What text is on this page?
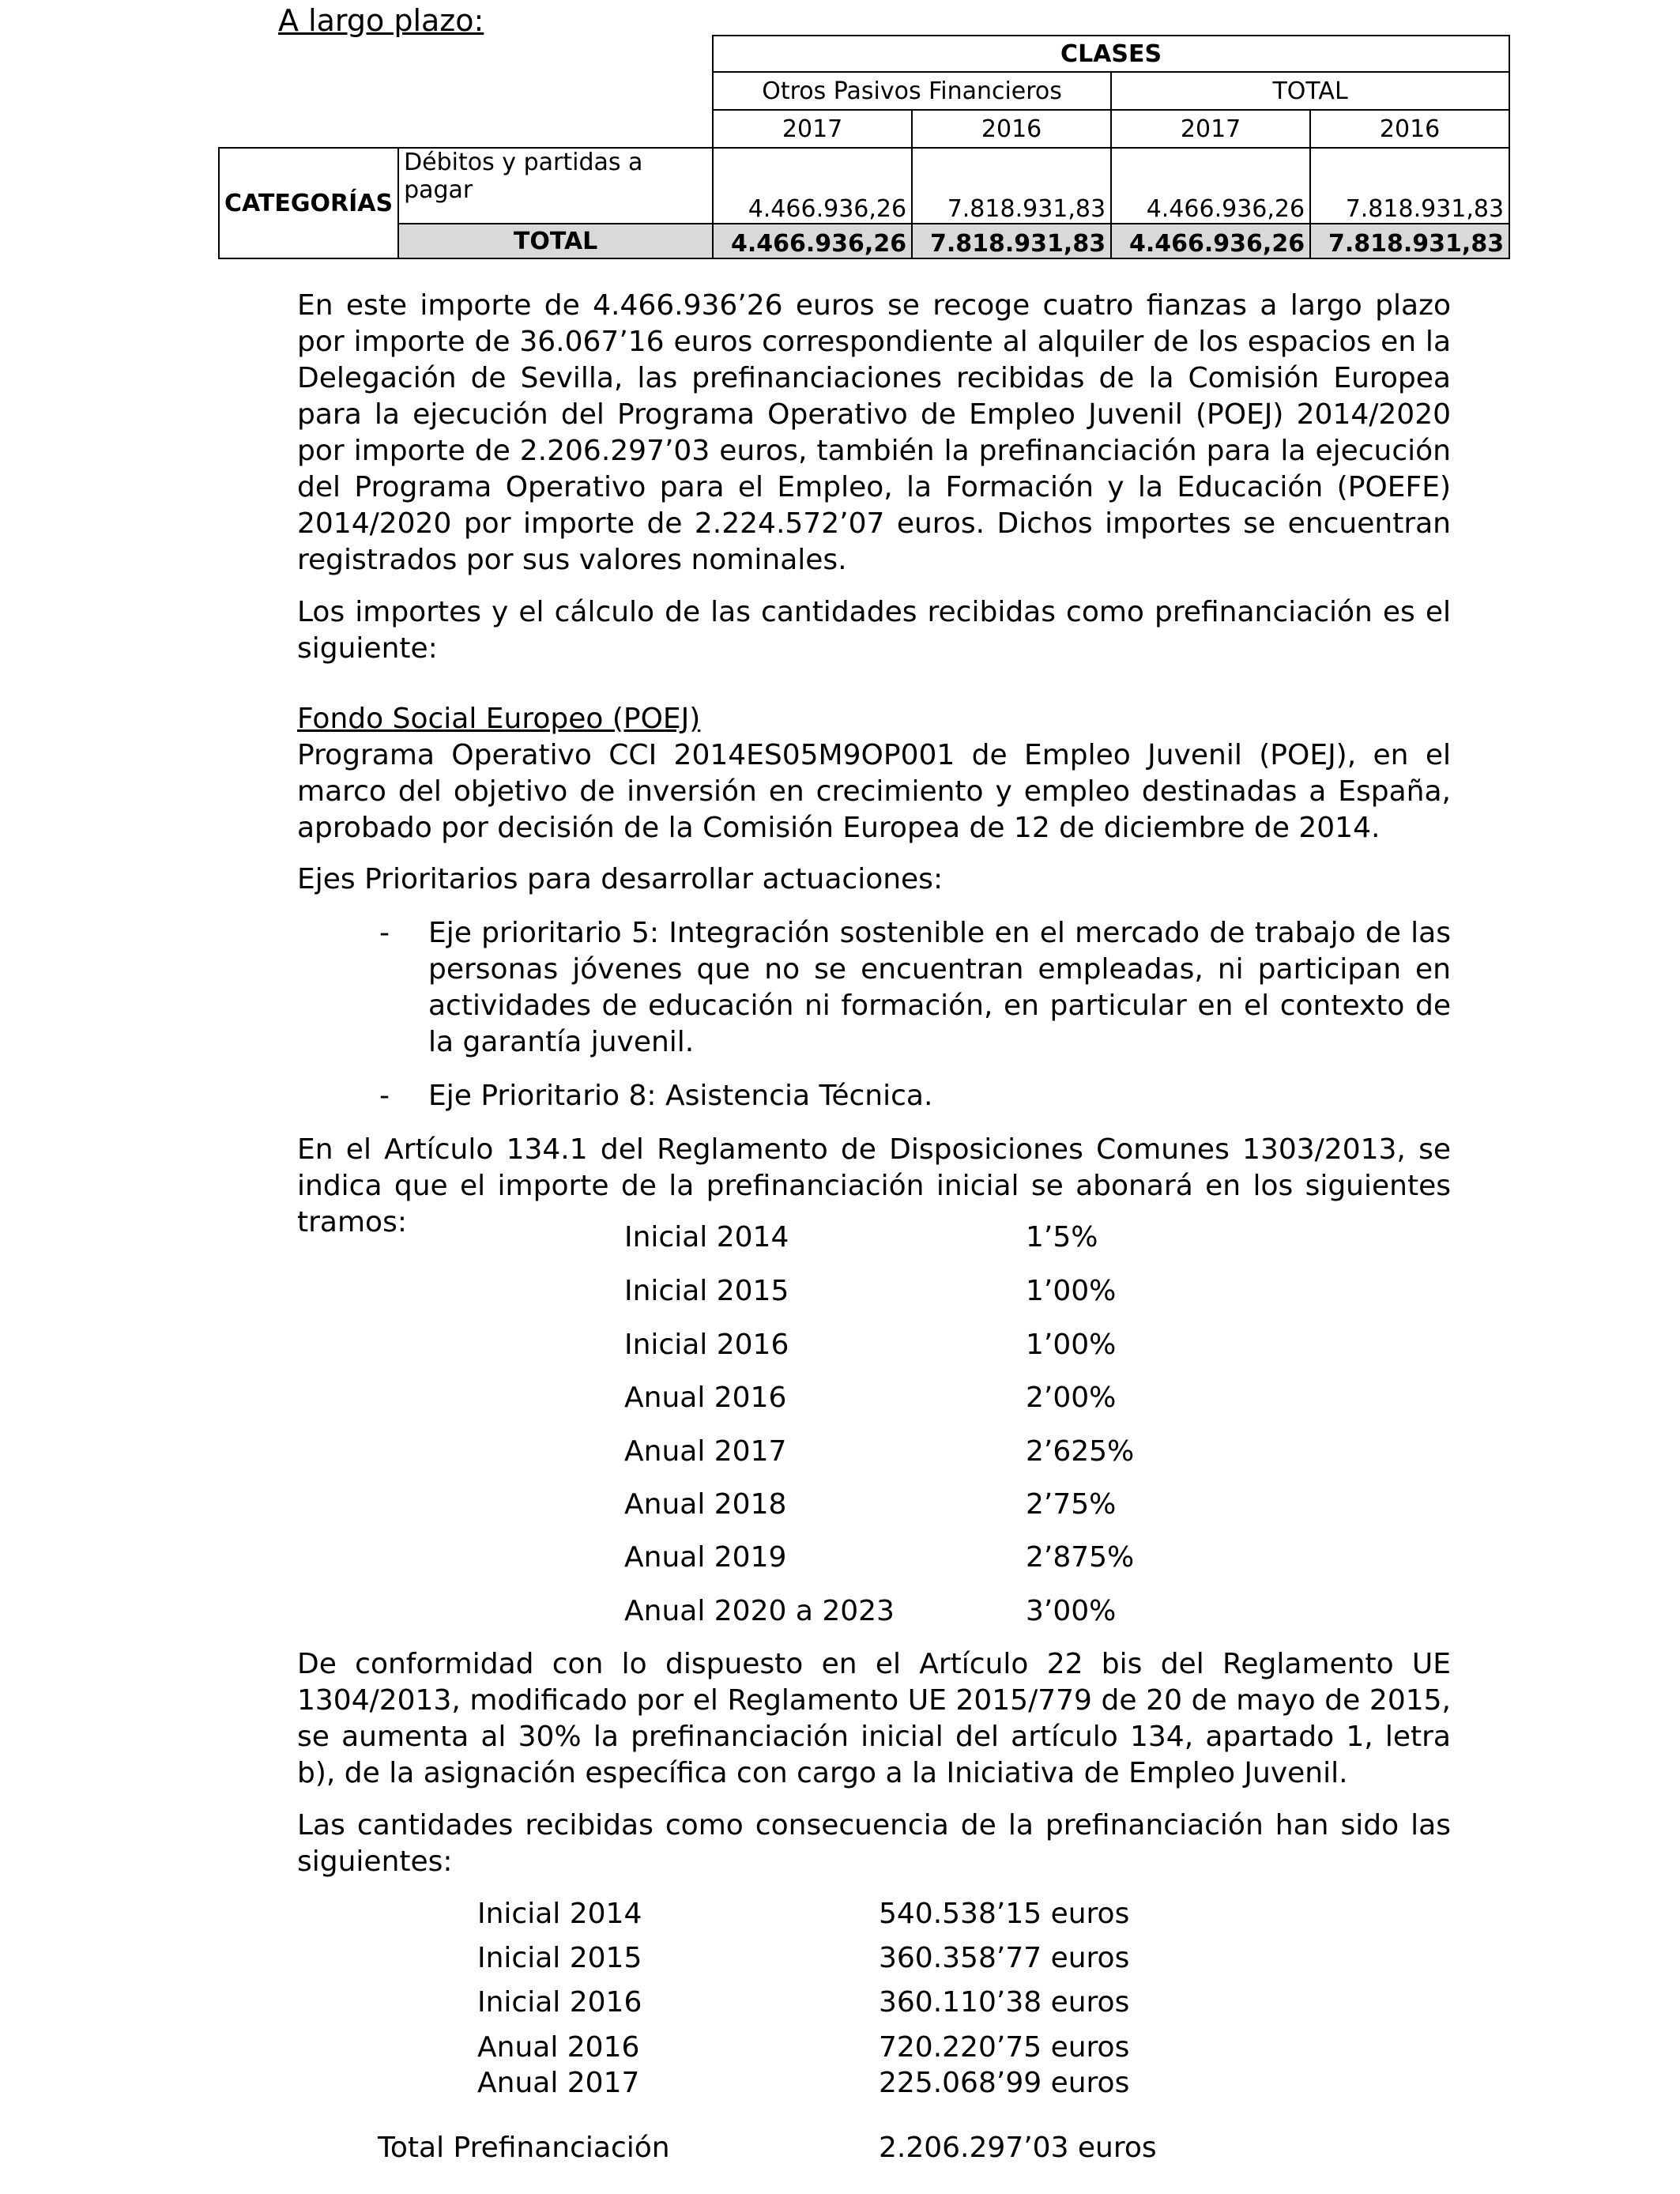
A largo plazo:
		CLASES			
		Otros Pasivos Financieros		TOTAL	
		2017	2016	2017	2016
CATEGORÍAS	Débitos y partidas a pagar	4.466.936,26	7.818.931,83	4.466.936,26	7.818.931,83
	TOTAL	4.466.936,26	7.818.931,83	4.466.936,26	7.818.931,83
En este importe de 4.466.936’26 euros se recoge cuatro fianzas a largo plazo por importe de 36.067’16 euros correspondiente al alquiler de los espacios en la Delegación de Sevilla, las prefinanciaciones recibidas de la Comisión Europea para la ejecución del Programa Operativo de Empleo Juvenil (POEJ) 2014/2020 por importe de 2.206.297’03 euros, también la prefinanciación para la ejecución del Programa Operativo para el Empleo, la Formación y la Educación (POEFE) 2014/2020 por importe de 2.224.572’07 euros. Dichos importes se encuentran registrados por sus valores nominales.
Los importes y el cálculo de las cantidades recibidas como prefinanciación es el siguiente:
Fondo Social Europeo (POEJ)
Programa Operativo CCI 2014ES05M9OP001 de Empleo Juvenil (POEJ), en el marco del objetivo de inversión en crecimiento y empleo destinadas a España, aprobado por decisión de la Comisión Europea de 12 de diciembre de 2014.
Ejes Prioritarios para desarrollar actuaciones:
- Eje prioritario 5: Integración sostenible en el mercado de trabajo de las personas jóvenes que no se encuentran empleadas, ni participan en actividades de educación ni formación, en particular en el contexto de la garantía juvenil.
- Eje Prioritario 8: Asistencia Técnica.
En el Artículo 134.1 del Reglamento de Disposiciones Comunes 1303/2013, se indica que el importe de la prefinanciación inicial se abonará en los siguientes tramos:	Inicial 2014	1’5%
Inicial 2015	1’00%
Inicial 2016	1’00%
Anual 2016	2’00%
Anual 2017	2’625%
Anual 2018	2’75%
Anual 2019	2’875%
Anual 2020 a 2023	3’00%
De conformidad con lo dispuesto en el Artículo 22 bis del Reglamento UE 1304/2013, modificado por el Reglamento UE 2015/779 de 20 de mayo de 2015, se aumenta al 30% la prefinanciación inicial del artículo 134, apartado 1, letra b), de la asignación específica con cargo a la Iniciativa de Empleo Juvenil.
Las cantidades recibidas como consecuencia de la prefinanciación han sido las siguientes:
Inicial 2014	540.538’15 euros
Inicial 2015	360.358’77 euros
Inicial 2016	360.110’38 euros
Anual 2016	720.220’75 euros
Anual 2017	225.068’99 euros
Total Prefinanciación	2.206.297’03 euros
